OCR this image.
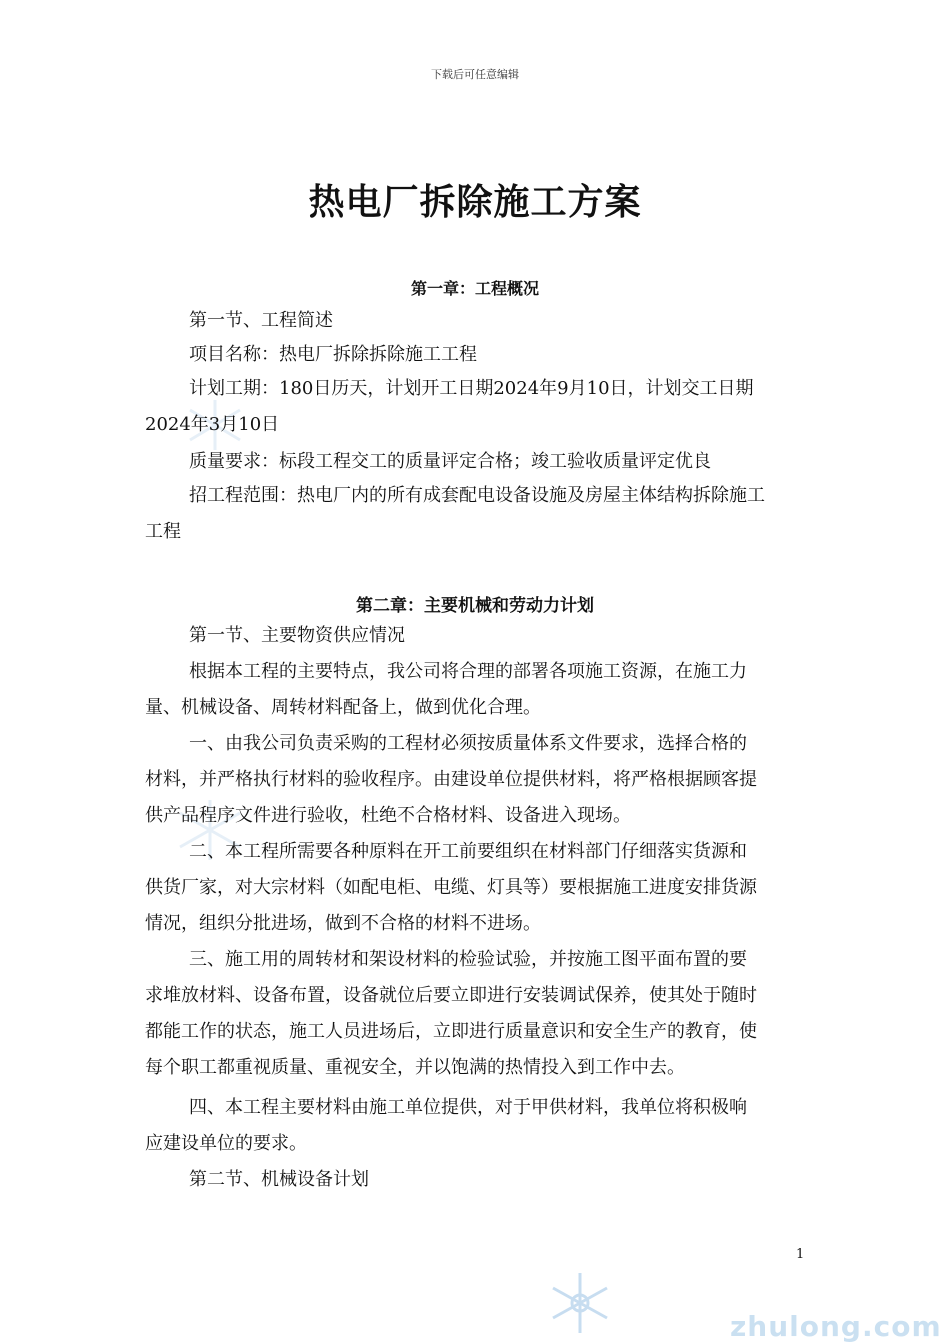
下载后可任意编辑
热电厂拆除施工方案
第一章：工程概况
第一节、工程简述
项目名称：热电厂拆除拆除施工工程
计划工期：180日历天，计划开工日期2024年9月10日，计划交工日期
2024年3月10日
质量要求：标段工程交工的质量评定合格；竣工验收质量评定优良
招工程范围：热电厂内的所有成套配电设备设施及房屋主体结构拆除施工
工程
第二章：主要机械和劳动力计划
第一节、主要物资供应情况
根据本工程的主要特点，我公司将合理的部署各项施工资源，在施工力
量、机械设备、周转材料配备上，做到优化合理。
一、由我公司负责采购的工程材必须按质量体系文件要求，选择合格的
材料，并严格执行材料的验收程序。由建设单位提供材料，将严格根据顾客提
供产品程序文件进行验收，杜绝不合格材料、设备进入现场。
二、本工程所需要各种原料在开工前要组织在材料部门仔细落实货源和
供货厂家，对大宗材料（如配电柜、电缆、灯具等）要根据施工进度安排货源
情况，组织分批进场，做到不合格的材料不进场。
三、施工用的周转材和架设材料的检验试验，并按施工图平面布置的要
求堆放材料、设备布置，设备就位后要立即进行安装调试保养，使其处于随时
都能工作的状态，施工人员进场后，立即进行质量意识和安全生产的教育，使
每个职工都重视质量、重视安全，并以饱满的热情投入到工作中去。
四、本工程主要材料由施工单位提供，对于甲供材料，我单位将积极响
应建设单位的要求。
第二节、机械设备计划
1
zhulong.com
